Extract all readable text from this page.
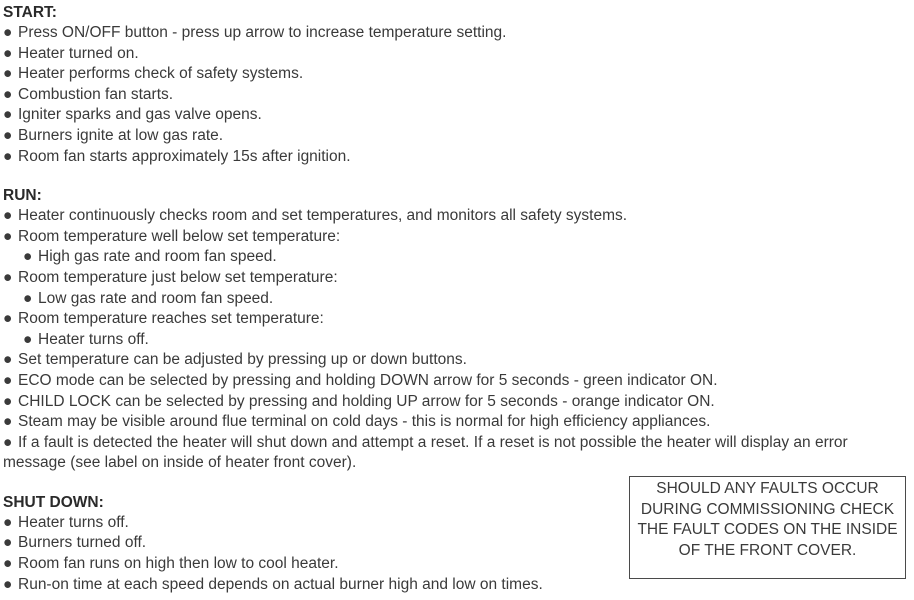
START:
● Press ON/OFF button - press up arrow to increase temperature setting.
● Heater turned on.
● Heater performs check of safety systems.
● Combustion fan starts.
● Igniter sparks and gas valve opens.
● Burners ignite at low gas rate.
● Room fan starts approximately 15s after ignition.
RUN:
● Heater continuously checks room and set temperatures, and monitors all safety systems.
● Room temperature well below set temperature:
● High gas rate and room fan speed.
● Room temperature just below set temperature:
● Low gas rate and room fan speed.
● Room temperature reaches set temperature:
● Heater turns off.
● Set temperature can be adjusted by pressing up or down buttons.
● ECO mode can be selected by pressing and holding DOWN arrow for 5 seconds - green indicator ON.
● CHILD LOCK can be selected by pressing and holding UP arrow for 5 seconds - orange indicator ON.
● Steam may be visible around flue terminal on cold days - this is normal for high efficiency appliances.
● If a fault is detected the heater will shut down and attempt a reset. If a reset is not possible the heater will display an error message (see label on inside of heater front cover).
SHUT DOWN:
● Heater turns off.
● Burners turned off.
● Room fan runs on high then low to cool heater.
● Run-on time at each speed depends on actual burner high and low on times.
SHOULD ANY FAULTS OCCUR DURING COMMISSIONING CHECK THE FAULT CODES ON THE INSIDE OF THE FRONT COVER.
